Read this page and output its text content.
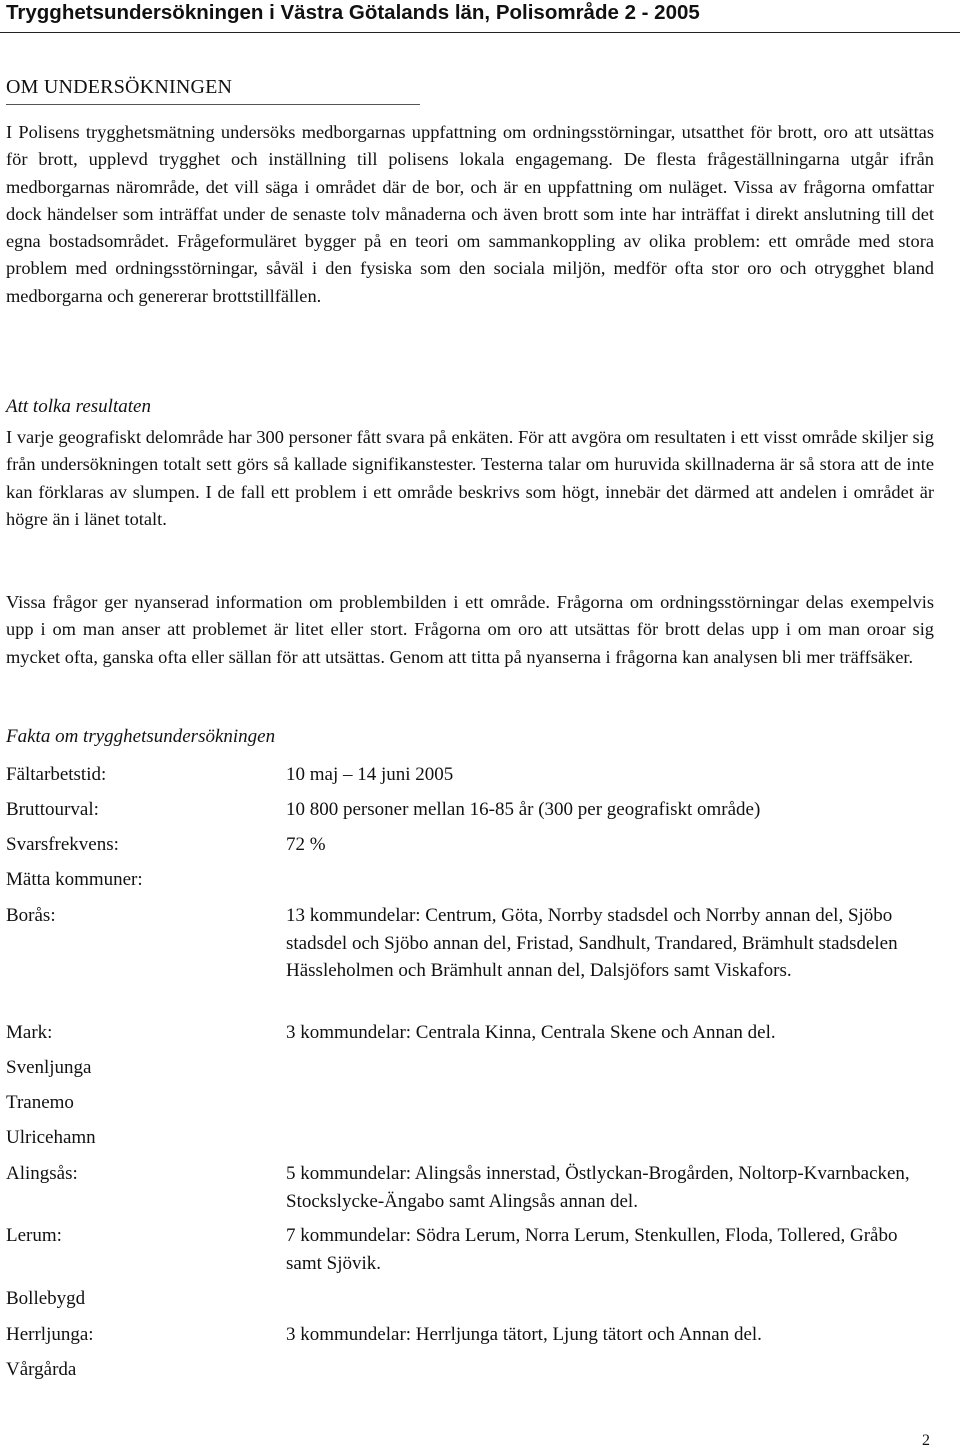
Trygghetsundersökningen i Västra Götalands län, Polisområde 2 - 2005
OM UNDERSÖKNINGEN

I Polisens trygghetsmätning undersöks medborgarnas uppfattning om ordningsstörningar, utsatthet för brott, oro att utsättas för brott, upplevd trygghet och inställning till polisens lokala engagemang. De flesta frågeställningarna utgår ifrån medborgarnas närområde, det vill säga i området där de bor, och är en uppfattning om nuläget. Vissa av frågorna omfattar dock händelser som inträffat under de senaste tolv månaderna och även brott som inte har inträffat i direkt anslutning till det egna bostadsområdet. Frågeformuläret bygger på en teori om sammankoppling av olika problem: ett område med stora problem med ordningsstörningar, såväl i den fysiska som den sociala miljön, medför ofta stor oro och otrygghet bland medborgarna och genererar brottstillfällen.

Att tolka resultaten

I varje geografiskt delområde har 300 personer fått svara på enkäten. För att avgöra om resultaten i ett visst område skiljer sig från undersökningen totalt sett görs så kallade signifikanstester. Testerna talar om huruvida skillnaderna är så stora att de inte kan förklaras av slumpen. I de fall ett problem i ett område beskrivs som högt, innebär det därmed att andelen i området är högre än i länet totalt.

Vissa frågor ger nyanserad information om problembilden i ett område. Frågorna om ordningsstörningar delas exempelvis upp i om man anser att problemet är litet eller stort. Frågorna om oro att utsättas för brott delas upp i om man oroar sig mycket ofta, ganska ofta eller sällan för att utsättas. Genom att titta på nyanserna i frågorna kan analysen bli mer träffsäker.

Fakta om trygghetsundersökningen
Fältarbetstid:	10 maj – 14 juni 2005
Bruttourval:	10 800 personer mellan 16-85 år (300 per geografiskt område)
Svarsfrekvens:	72 %
Mätta kommuner:
Borås:	13 kommundelar: Centrum, Göta, Norrby stadsdel och Norrby annan del, Sjöbo stadsdel och Sjöbo annan del, Fristad, Sandhult, Trandared, Brämhult stadsdelen Hässleholmen och Brämhult annan del, Dalsjöfors samt Viskafors.
Mark:	3 kommundelar: Centrala Kinna, Centrala Skene och Annan del.
Svenljunga
Tranemo
Ulricehamn
Alingsås:	5 kommundelar: Alingsås innerstad, Östlyckan-Brogården, Noltorp-Kvarnbacken, Stockslycke-Ängabo samt Alingsås annan del.
Lerum:	7 kommundelar: Södra Lerum, Norra Lerum, Stenkullen, Floda, Tollered, Gråbo samt Sjövik.
Bollebygd
Herrljunga:	3 kommundelar: Herrljunga tätort, Ljung tätort och Annan del.
Vårgårda
2
